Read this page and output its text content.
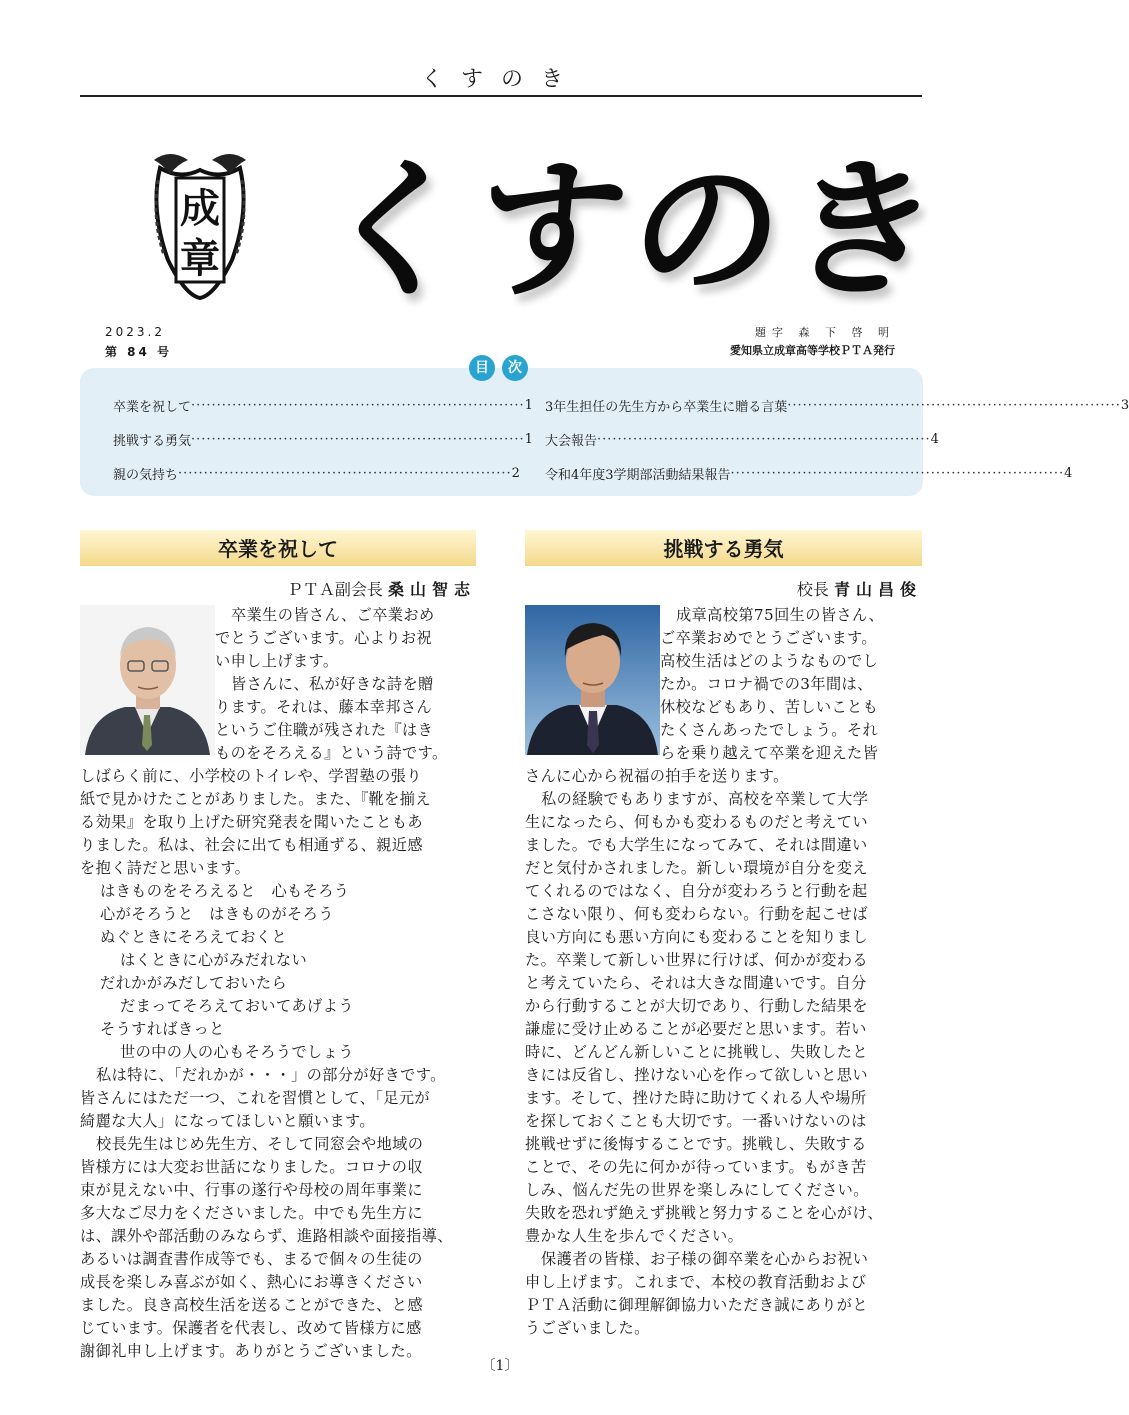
くすのき
成
章 くすのき
2023.2
第 84 号
題字 森 下 啓 明
愛知県立成章高等学校ＰＴＡ発行
目	次
卒業を祝して ································································· 1
挑戦する勇気 ································································· 1
親の気持ち ································································· 2
3年生担任の先生方から卒業生に贈る言葉 ································································· 3
大会報告 ································································· 4
令和4年度3学期部活動結果報告 ································································· 4
卒業を祝して
ＰＴＡ副会長 桑山智志
卒業生の皆さん、ご卒業おめ
でとうございます。心よりお祝
い申し上げます。
皆さんに、私が好きな詩を贈
ります。それは、藤本幸邦さん
というご住職が残された『はき
ものをそろえる』という詩です。
しばらく前に、小学校のトイレや、学習塾の張り
紙で見かけたことがありました。また、『靴を揃え
る効果』を取り上げた研究発表を聞いたこともあ
りました。私は、社会に出ても相通ずる、親近感
を抱く詩だと思います。
はきものをそろえると　心もそろう
心がそろうと　はきものがそろう
ぬぐときにそろえておくと
はくときに心がみだれない
だれかがみだしておいたら
だまってそろえておいてあげよう
そうすればきっと
世の中の人の心もそろうでしょう
私は特に、「だれかが・・・」の部分が好きです。
皆さんにはただ一つ、これを習慣として、「足元が
綺麗な大人」になってほしいと願います。
校長先生はじめ先生方、そして同窓会や地域の
皆様方には大変お世話になりました。コロナの収
束が見えない中、行事の遂行や母校の周年事業に
多大なご尽力をくださいました。中でも先生方に
は、課外や部活動のみならず、進路相談や面接指導、
あるいは調査書作成等でも、まるで個々の生徒の
成長を楽しみ喜ぶが如く、熱心にお導きください
ました。良き高校生活を送ることができた、と感
じています。保護者を代表し、改めて皆様方に感
謝御礼申し上げます。ありがとうございました。
挑戦する勇気
校長 青山昌俊
成章高校第75回生の皆さん、
ご卒業おめでとうございます。
高校生活はどのようなものでし
たか。コロナ禍での3年間は、
休校などもあり、苦しいことも
たくさんあったでしょう。それ
らを乗り越えて卒業を迎えた皆
さんに心から祝福の拍手を送ります。
私の経験でもありますが、高校を卒業して大学
生になったら、何もかも変わるものだと考えてい
ました。でも大学生になってみて、それは間違い
だと気付かされました。新しい環境が自分を変え
てくれるのではなく、自分が変わろうと行動を起
こさない限り、何も変わらない。行動を起こせば
良い方向にも悪い方向にも変わることを知りまし
た。卒業して新しい世界に行けば、何かが変わる
と考えていたら、それは大きな間違いです。自分
から行動することが大切であり、行動した結果を
謙虚に受け止めることが必要だと思います。若い
時に、どんどん新しいことに挑戦し、失敗したと
きには反省し、挫けない心を作って欲しいと思い
ます。そして、挫けた時に助けてくれる人や場所
を探しておくことも大切です。一番いけないのは
挑戦せずに後悔することです。挑戦し、失敗する
ことで、その先に何かが待っています。もがき苦
しみ、悩んだ先の世界を楽しみにしてください。
失敗を恐れず絶えず挑戦と努力することを心がけ、
豊かな人生を歩んでください。
保護者の皆様、お子様の御卒業を心からお祝い
申し上げます。これまで、本校の教育活動および
ＰＴＡ活動に御理解御協力いただき誠にありがと
うございました。
〔1〕
